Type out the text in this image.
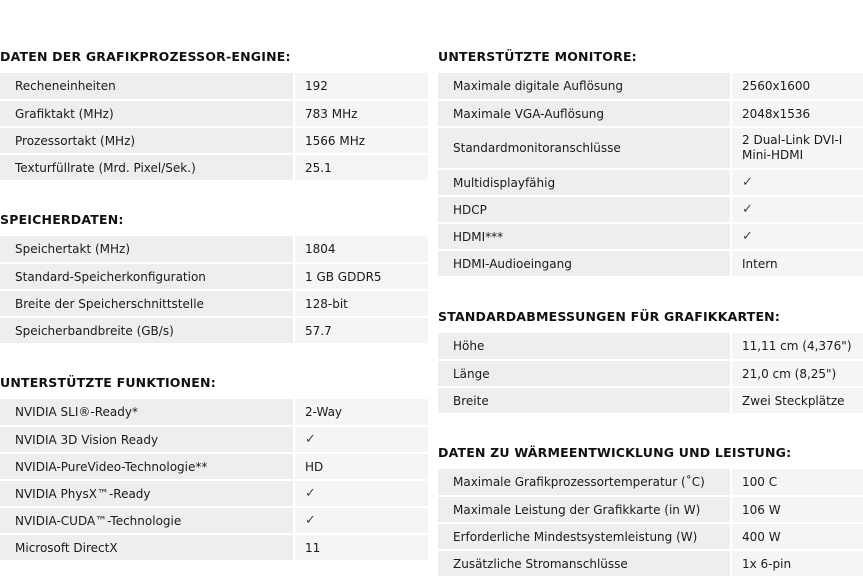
DATEN DER GRAFIKPROZESSOR-ENGINE:
Recheneinheiten	192
Grafiktakt (MHz)	783 MHz
Prozessortakt (MHz)	1566 MHz
Texturfüllrate (Mrd. Pixel/Sek.)	25.1
SPEICHERDATEN:
Speichertakt (MHz)	1804
Standard-Speicherkonfiguration	1 GB GDDR5
Breite der Speicherschnittstelle	128-bit
Speicherbandbreite (GB/s)	57.7
UNTERSTÜTZTE FUNKTIONEN:
NVIDIA SLI®-Ready*	2-Way
NVIDIA 3D Vision Ready	✓
NVIDIA-PureVideo-Technologie**	HD
NVIDIA PhysX™-Ready	✓
NVIDIA-CUDA™-Technologie	✓
Microsoft DirectX	11
UNTERSTÜTZTE MONITORE:
Maximale digitale Auflösung	2560x1600
Maximale VGA-Auflösung	2048x1536
Standardmonitoranschlüsse	2 Dual-Link DVI-I
Mini-HDMI

Multidisplayfähig	✓
HDCP	✓
HDMI***	✓
HDMI-Audioeingang	Intern
STANDARDABMESSUNGEN FÜR GRAFIKKARTEN:
Höhe	11,11 cm (4,376")
Länge	21,0 cm (8,25")
Breite	Zwei Steckplätze
DATEN ZU WÄRMEENTWICKLUNG UND LEISTUNG:
Maximale Grafikprozessortemperatur (˚C)	100 C
Maximale Leistung der Grafikkarte (in W)	106 W
Erforderliche Mindestsystemleistung (W)	400 W
Zusätzliche Stromanschlüsse	1x 6-pin
